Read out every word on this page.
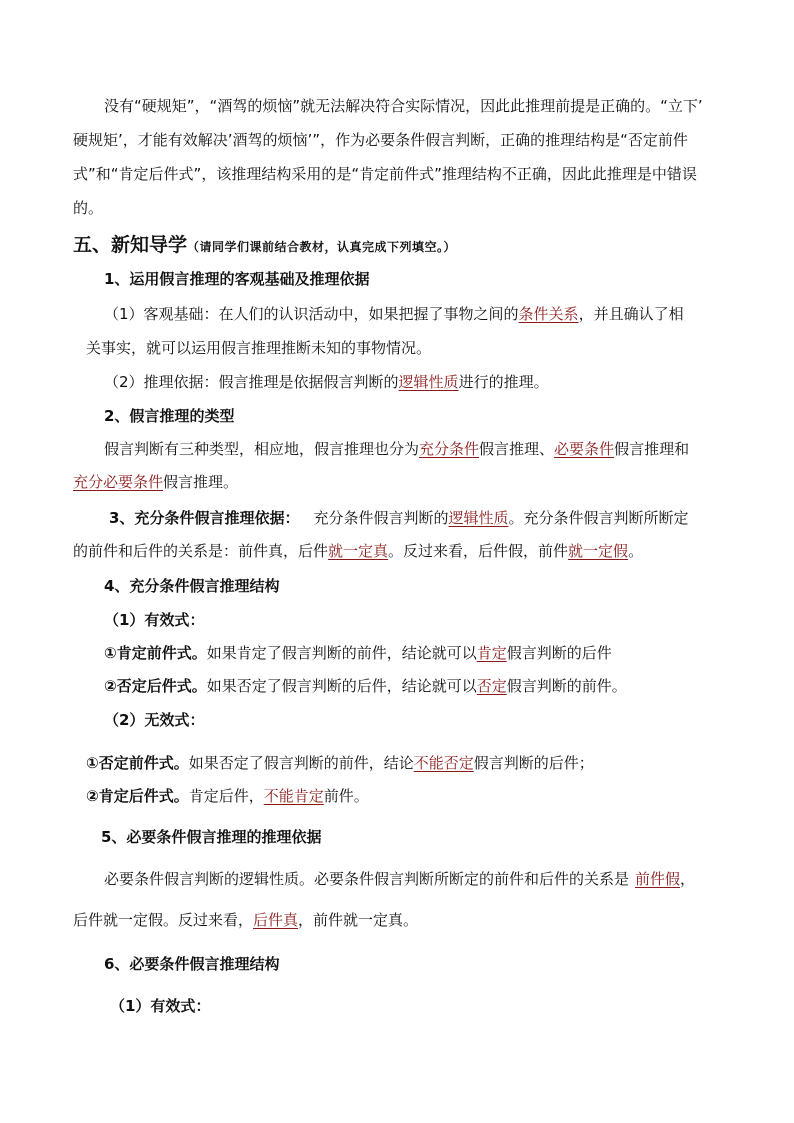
没有“硬规矩”，“酒驾的烦恼”就无法解决符合实际情况，因此此推理前提是正确的。“立下’
硬规矩’，才能有效解决’酒驾的烦恼’”，作为必要条件假言判断，正确的推理结构是“否定前件
式”和“肯定后件式”，该推理结构采用的是“肯定前件式”推理结构不正确，因此此推理是中错误
的。
五、新知导学（请同学们课前结合教材，认真完成下列填空。）
1、运用假言推理的客观基础及推理依据
（1）客观基础：在人们的认识活动中，如果把握了事物之间的条件关系，并且确认了相
关事实，就可以运用假言推理推断未知的事物情况。
（2）推理依据：假言推理是依据假言判断的逻辑性质进行的推理。
2、假言推理的类型
假言判断有三种类型，相应地，假言推理也分为充分条件假言推理、必要条件假言推理和
充分必要条件假言推理。
3、充分条件假言推理依据： 充分条件假言判断的逻辑性质。充分条件假言判断所断定
的前件和后件的关系是：前件真，后件就一定真。反过来看，后件假，前件就一定假。
4、充分条件假言推理结构
（1）有效式：
①肯定前件式。如果肯定了假言判断的前件，结论就可以肯定假言判断的后件
②否定后件式。如果否定了假言判断的后件，结论就可以否定假言判断的前件。
（2）无效式：
①否定前件式。如果否定了假言判断的前件，结论不能否定假言判断的后件；
②肯定后件式。肯定后件，不能肯定前件。
5、必要条件假言推理的推理依据
必要条件假言判断的逻辑性质。必要条件假言判断所断定的前件和后件的关系是 前件假，
后件就一定假。反过来看，后件真，前件就一定真。
6、必要条件假言推理结构
（1）有效式：
